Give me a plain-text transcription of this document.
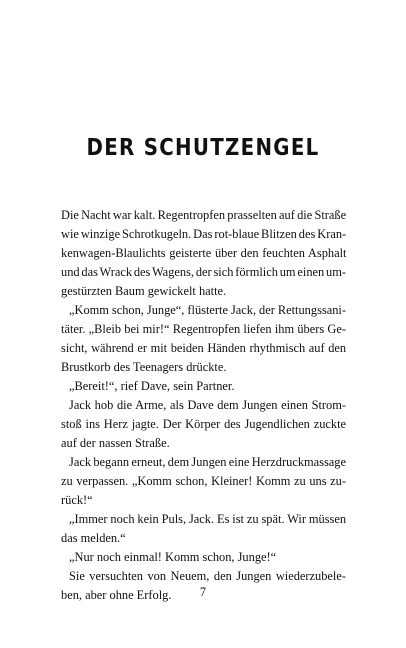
DER SCHUTZENGEL
Die Nacht war kalt. Regentropfen prasselten auf die Straße
wie winzige Schrotkugeln. Das rot-blaue Blitzen des Kran-
kenwagen-Blaulichts geisterte über den feuchten Asphalt
und das Wrack des Wagens, der sich förmlich um einen um-
gestürzten Baum gewickelt hatte.
„Komm schon, Junge“, flüsterte Jack, der Rettungssani-
täter. „Bleib bei mir!“ Regentropfen liefen ihm übers Ge-
sicht, während er mit beiden Händen rhythmisch auf den
Brustkorb des Teenagers drückte.
„Bereit!“, rief Dave, sein Partner.
Jack hob die Arme, als Dave dem Jungen einen Strom-
stoß ins Herz jagte. Der Körper des Jugendlichen zuckte
auf der nassen Straße.
Jack begann erneut, dem Jungen eine Herzdruckmassage
zu verpassen. „Komm schon, Kleiner! Komm zu uns zu-
rück!“
„Immer noch kein Puls, Jack. Es ist zu spät. Wir müssen
das melden.“
„Nur noch einmal! Komm schon, Junge!“
Sie versuchten von Neuem, den Jungen wiederzubele-
ben, aber ohne Erfolg.	7
